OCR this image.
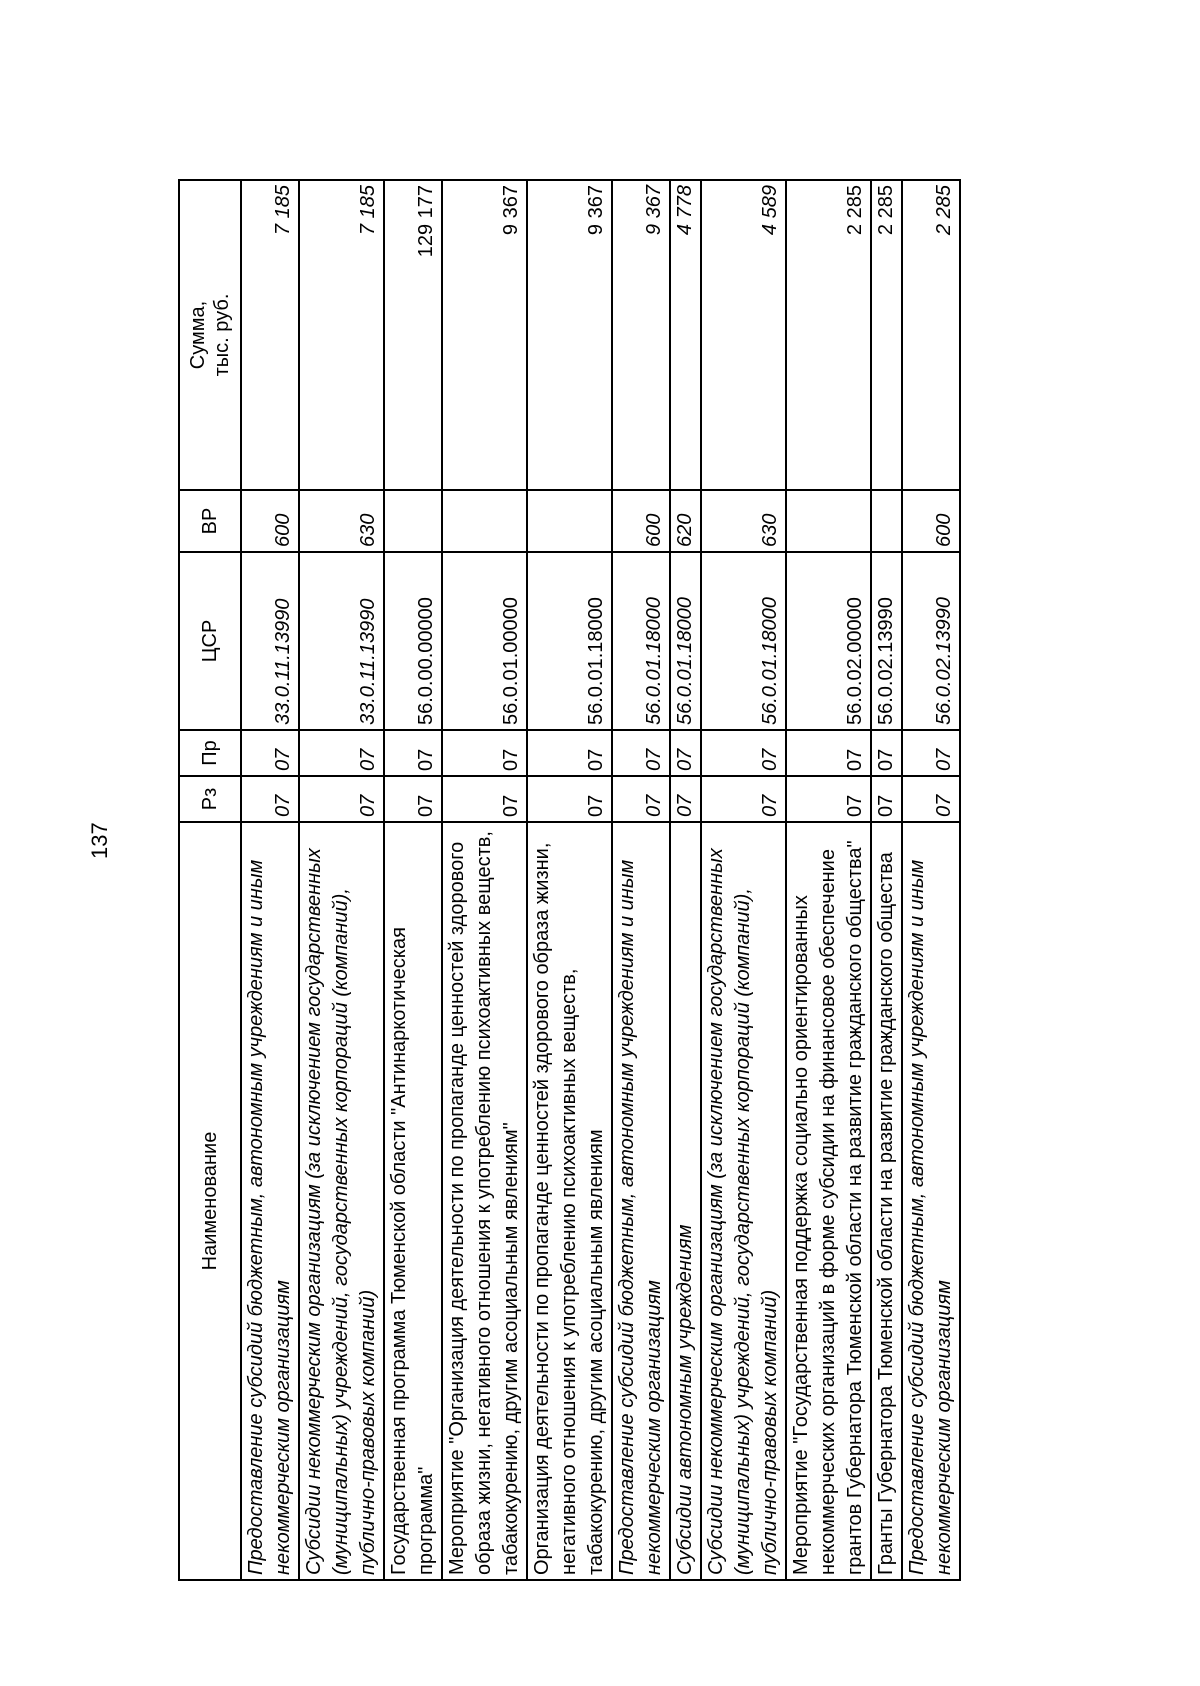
137
Наименование	Рз	Пр	ЦСР	ВР	Сумма, тыс. руб.

Предоставление субсидий бюджетным, автономным учреждениям и иным некоммерческим организациям	07	07	33.0.11.13990	600	7 185
Субсидии некоммерческим организациям (за исключением государственных (муниципальных) учреждений, государственных корпораций (компаний), публично-правовых компаний)	07	07	33.0.11.13990	630	7 185
Государственная программа Тюменской области "Антинаркотическая программа"	07	07	56.0.00.00000		129 177
Мероприятие "Организация деятельности по пропаганде ценностей здорового образа жизни, негативного отношения к употреблению психоактивных веществ, табакокурению, другим асоциальным явлениям"	07	07	56.0.01.00000		9 367
Организация деятельности по пропаганде ценностей здорового образа жизни, негативного отношения к употреблению психоактивных веществ, табакокурению, другим асоциальным явлениям	07	07	56.0.01.18000		9 367
Предоставление субсидий бюджетным, автономным учреждениям и иным некоммерческим организациям	07	07	56.0.01.18000	600	9 367
Субсидии автономным учреждениям	07	07	56.0.01.18000	620	4 778
Субсидии некоммерческим организациям (за исключением государственных (муниципальных) учреждений, государственных корпораций (компаний), публично-правовых компаний)	07	07	56.0.01.18000	630	4 589
Мероприятие "Государственная поддержка социально ориентированных некоммерческих организаций в форме субсидии на финансовое обеспечение грантов Губернатора Тюменской области на развитие гражданского общества"	07	07	56.0.02.00000		2 285
Гранты Губернатора Тюменской области на развитие гражданского общества	07	07	56.0.02.13990		2 285
Предоставление субсидий бюджетным, автономным учреждениям и иным некоммерческим организациям	07	07	56.0.02.13990	600	2 285
